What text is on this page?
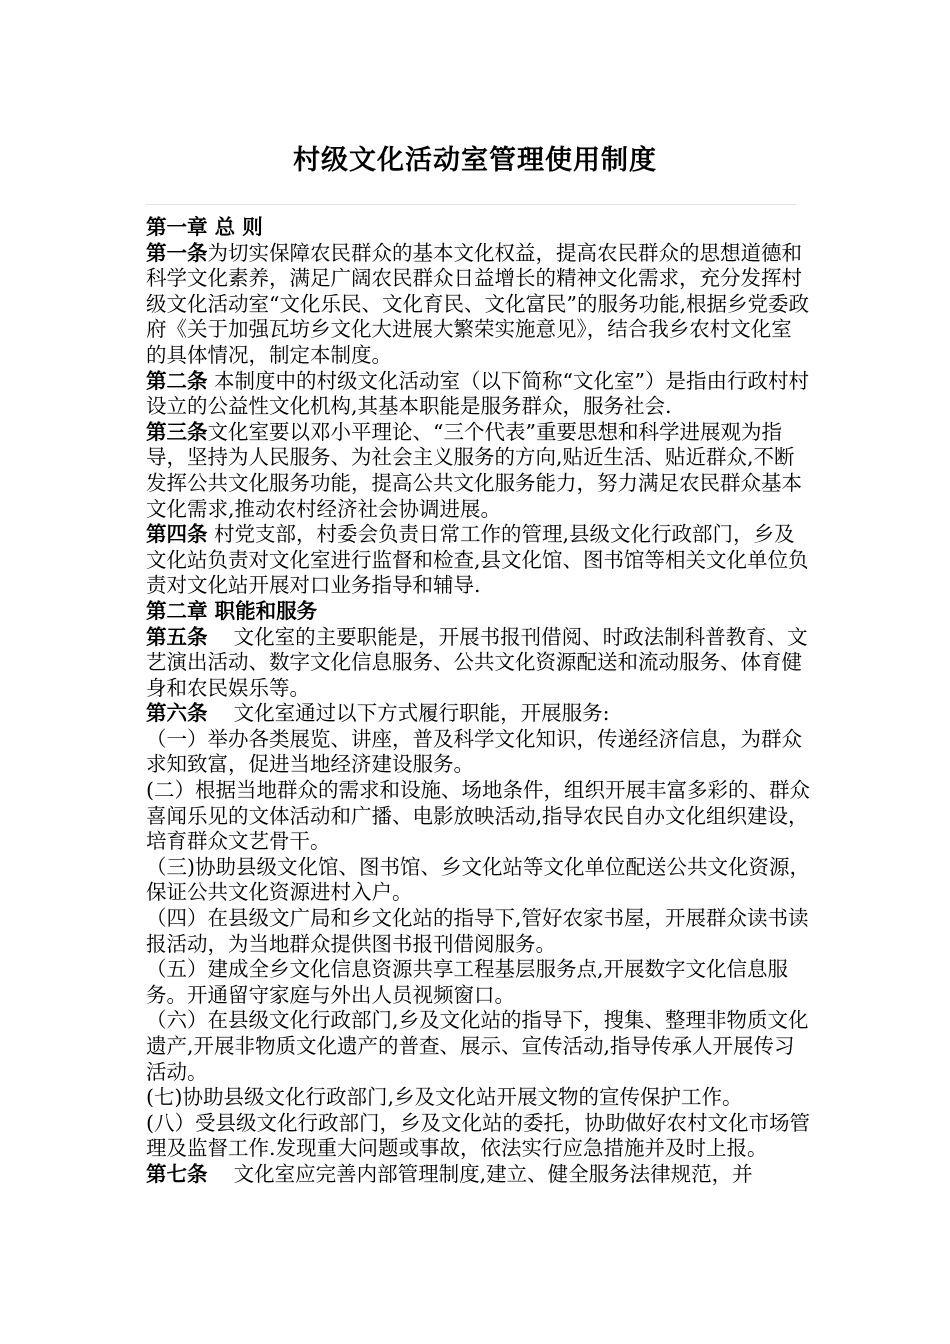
村级文化活动室管理使用制度
第一章 总 则
第一条为切实保障农民群众的基本文化权益，提高农民群众的思想道德和科学文化素养，满足广阔农民群众日益增长的精神文化需求，充分发挥村级文化活动室“文化乐民、文化育民、文化富民”的服务功能,根据乡党委政府《关于加强瓦坊乡文化大进展大繁荣实施意见》，结合我乡农村文化室的具体情况，制定本制度。
第二条 本制度中的村级文化活动室（以下简称“文化室”）是指由行政村村设立的公益性文化机构,其基本职能是服务群众，服务社会.
第三条文化室要以邓小平理论、“三个代表”重要思想和科学进展观为指导，坚持为人民服务、为社会主义服务的方向,贴近生活、贴近群众,不断发挥公共文化服务功能，提高公共文化服务能力，努力满足农民群众基本文化需求,推动农村经济社会协调进展。
第四条 村党支部，村委会负责日常工作的管理,县级文化行政部门，乡及文化站负责对文化室进行监督和检查,县文化馆、图书馆等相关文化单位负责对文化站开展对口业务指导和辅导.
第二章 职能和服务
第五条    文化室的主要职能是，开展书报刊借阅、时政法制科普教育、文艺演出活动、数字文化信息服务、公共文化资源配送和流动服务、体育健身和农民娱乐等。
第六条    文化室通过以下方式履行职能，开展服务:
（一）举办各类展览、讲座，普及科学文化知识，传递经济信息，为群众求知致富，促进当地经济建设服务。
(二）根据当地群众的需求和设施、场地条件，组织开展丰富多彩的、群众喜闻乐见的文体活动和广播、电影放映活动,指导农民自办文化组织建设，培育群众文艺骨干。
（三)协助县级文化馆、图书馆、乡文化站等文化单位配送公共文化资源，保证公共文化资源进村入户。
（四）在县级文广局和乡文化站的指导下,管好农家书屋，开展群众读书读报活动，为当地群众提供图书报刊借阅服务。
（五）建成全乡文化信息资源共享工程基层服务点,开展数字文化信息服务。开通留守家庭与外出人员视频窗口。
（六）在县级文化行政部门,乡及文化站的指导下，搜集、整理非物质文化遗产,开展非物质文化遗产的普查、展示、宣传活动,指导传承人开展传习活动。
(七)协助县级文化行政部门,乡及文化站开展文物的宣传保护工作。
(八）受县级文化行政部门，乡及文化站的委托，协助做好农村文化市场管理及监督工作.发现重大问题或事故，依法实行应急措施并及时上报。
第七条    文化室应完善内部管理制度,建立、健全服务法律规范，并
